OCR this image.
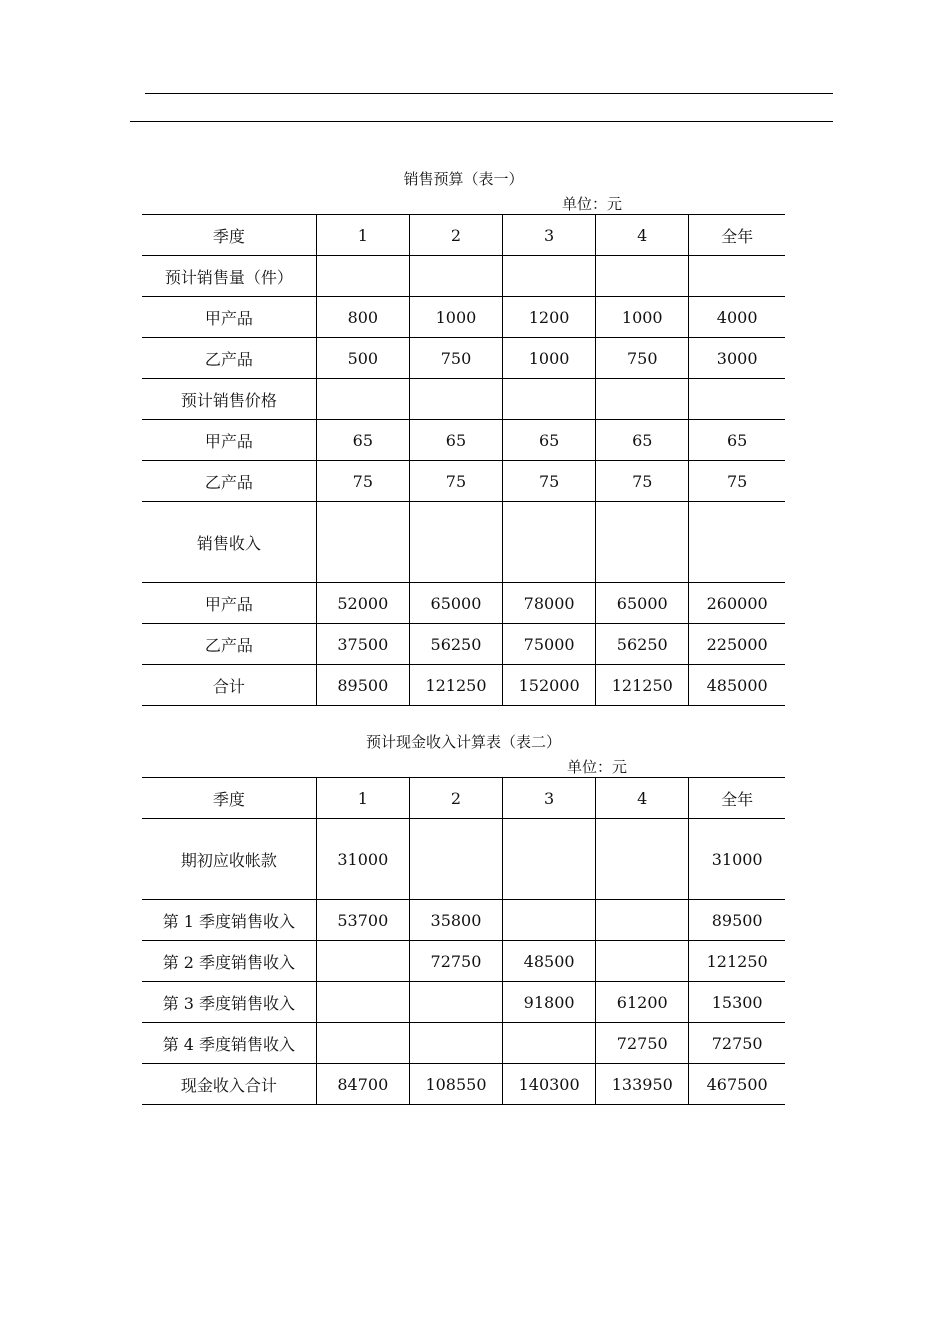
销售预算（表一）
单位：元
季度	1	2	3	4	全年
预计销售量（件）					
甲产品	800	1000	1200	1000	4000
乙产品	500	750	1000	750	3000
预计销售价格					
甲产品	65	65	65	65	65
乙产品	75	75	75	75	75
销售收入					
甲产品	52000	65000	78000	65000	260000
乙产品	37500	56250	75000	56250	225000
合计	89500	121250	152000	121250	485000
预计现金收入计算表（表二）
单位：元
季度	1	2	3	4	全年
期初应收帐款	31000				31000
第 1 季度销售收入	53700	35800			89500
第 2 季度销售收入		72750	48500		121250
第 3 季度销售收入			91800	61200	15300
第 4 季度销售收入				72750	72750
现金收入合计	84700	108550	140300	133950	467500
